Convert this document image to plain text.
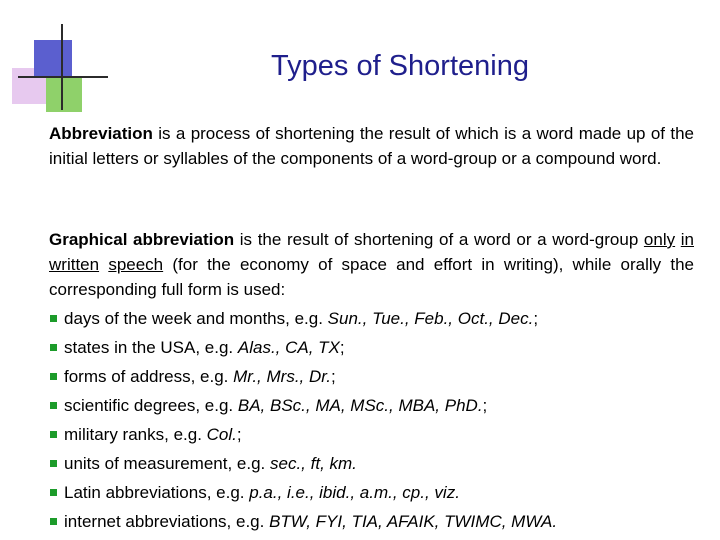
Types of Shortening

Abbreviation is a process of shortening the result of which is a word made up of the initial letters or syllables of the components of a word-group or a compound word.

Graphical abbreviation is the result of shortening of a word or a word-group only in written speech (for the economy of space and effort in writing), while orally the corresponding full form is used:

days of the week and months, e.g. Sun., Tue., Feb., Oct., Dec.;
states in the USA, e.g. Alas., CA, TX;
forms of address, e.g. Mr., Mrs., Dr.;
scientific degrees, e.g. BA, BSc., MA, MSc., MBA, PhD.;
military ranks, e.g. Col.;
units of measurement, e.g. sec., ft, km.
Latin abbreviations, e.g. p.a., i.e., ibid., a.m., cp., viz.
internet abbreviations, e.g. BTW, FYI, TIA, AFAIK, TWIMC, MWA.
